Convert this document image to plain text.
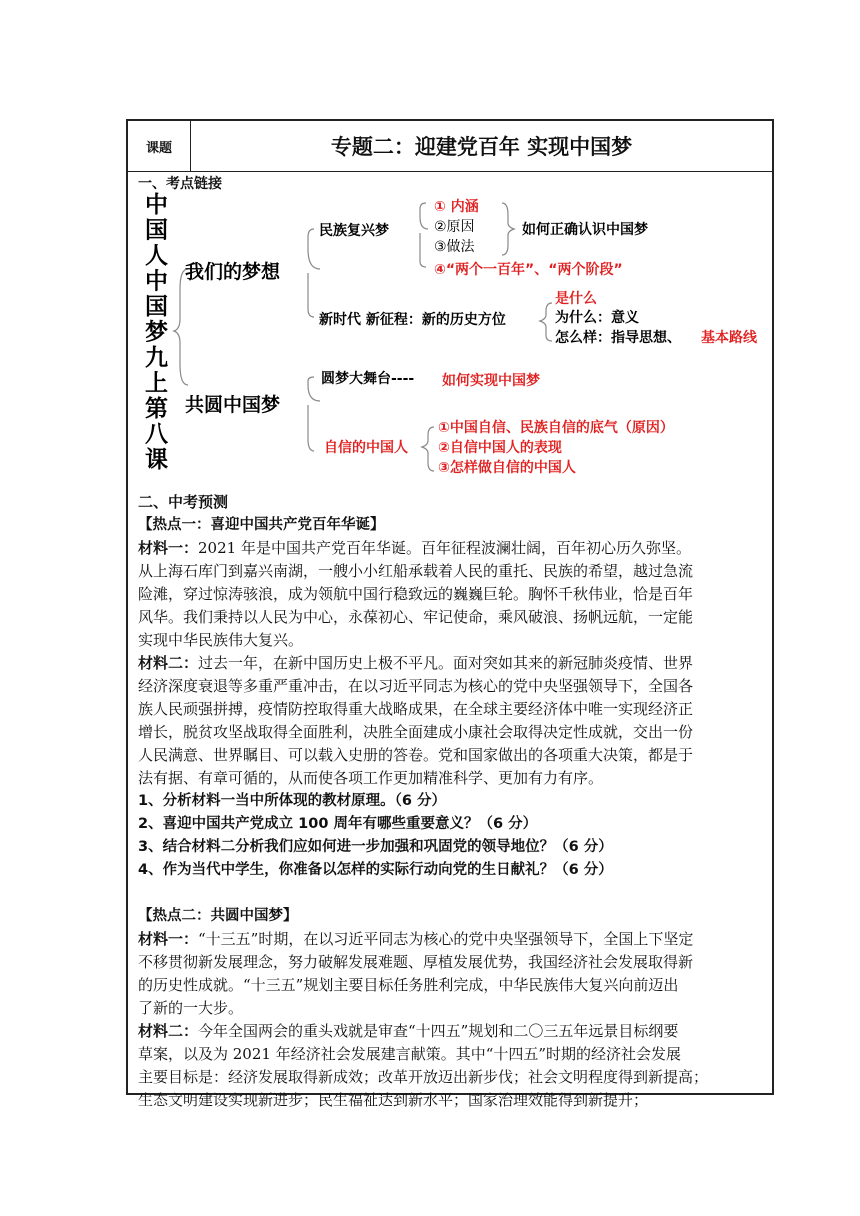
课题	专题二：迎建党百年 实现中国梦
一、考点链接
中
国
人
中
国
梦
九
上
第
八
课
我们的梦想
共圆中国梦
民族复兴梦
新时代 新征程：新的历史方位
① 内涵
②原因
③做法
如何正确认识中国梦
④“两个一百年”、“两个阶段”
是什么
为什么：意义
怎么样：指导思想、 基本路线
圆梦大舞台---- 如何实现中国梦
自信的中国人
①中国自信、民族自信的底气（原因）
②自信中国人的表现
③怎样做自信的中国人
二、中考预测
【热点一：喜迎中国共产党百年华诞】
材料一：2021 年是中国共产党百年华诞。百年征程波澜壮阔，百年初心历久弥坚。
从上海石库门到嘉兴南湖，一艘小小红船承载着人民的重托、民族的希望，越过急流
险滩，穿过惊涛骇浪，成为领航中国行稳致远的巍巍巨轮。胸怀千秋伟业，恰是百年
风华。我们秉持以人民为中心，永葆初心、牢记使命，乘风破浪、扬帆远航，一定能
实现中华民族伟大复兴。
材料二：过去一年，在新中国历史上极不平凡。面对突如其来的新冠肺炎疫情、世界
经济深度衰退等多重严重冲击，在以习近平同志为核心的党中央坚强领导下，全国各
族人民顽强拼搏，疫情防控取得重大战略成果，在全球主要经济体中唯一实现经济正
增长，脱贫攻坚战取得全面胜利，决胜全面建成小康社会取得决定性成就，交出一份
人民满意、世界瞩目、可以载入史册的答卷。党和国家做出的各项重大决策，都是于
法有据、有章可循的，从而使各项工作更加精准科学、更加有力有序。
1、分析材料一当中所体现的教材原理。（6 分）
2、喜迎中国共产党成立 100 周年有哪些重要意义？（6 分）
3、结合材料二分析我们应如何进一步加强和巩固党的领导地位？（6 分）
4、作为当代中学生，你准备以怎样的实际行动向党的生日献礼？（6 分）
【热点二：共圆中国梦】
材料一：“十三五”时期，在以习近平同志为核心的党中央坚强领导下，全国上下坚定
不移贯彻新发展理念，努力破解发展难题、厚植发展优势，我国经济社会发展取得新
的历史性成就。“十三五”规划主要目标任务胜利完成，中华民族伟大复兴向前迈出
了新的一大步。
材料二：今年全国两会的重头戏就是审查“十四五”规划和二〇三五年远景目标纲要
草案，以及为 2021 年经济社会发展建言献策。其中“十四五”时期的经济社会发展
主要目标是：经济发展取得新成效；改革开放迈出新步伐；社会文明程度得到新提高；
生态文明建设实现新进步；民生福祉达到新水平；国家治理效能得到新提升；
